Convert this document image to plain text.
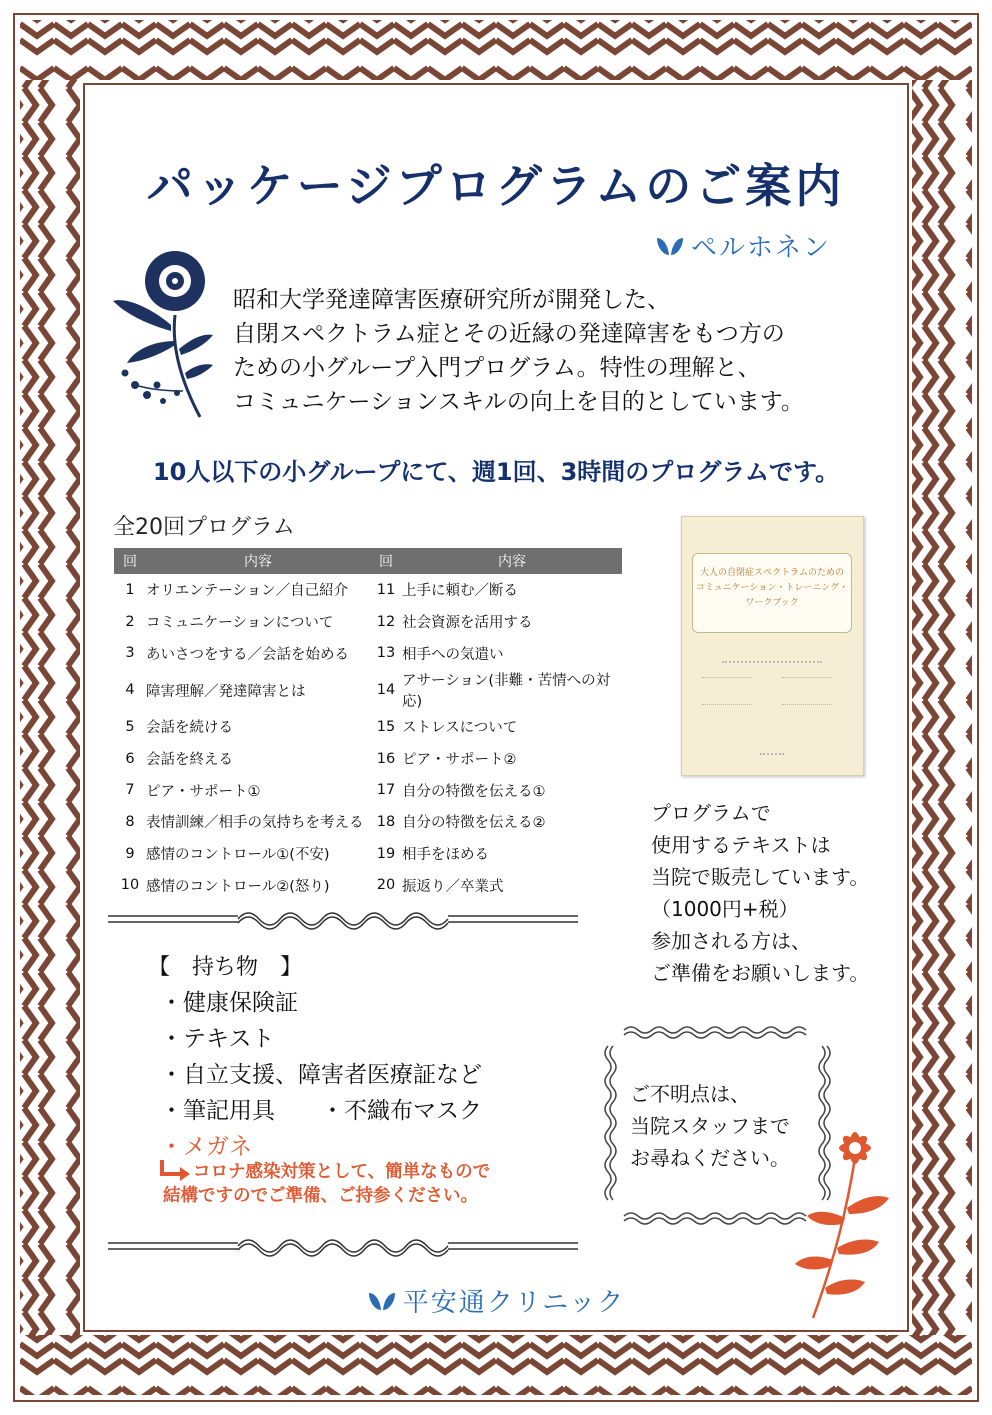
パッケージプログラムのご案内
ペルホネン
昭和大学発達障害医療研究所が開発した、
自閉スペクトラム症とその近縁の発達障害をもつ方の
ための小グループ入門プログラム。特性の理解と、
コミュニケーションスキルの向上を目的としています。
10人以下の小グループにて、週1回、3時間のプログラムです。
全20回プログラム
回	内容	回	内容
1	オリエンテーション／自己紹介	11	上手に頼む／断る
2	コミュニケーションについて	12	社会資源を活用する
3	あいさつをする／会話を始める	13	相手への気遣い
4	障害理解／発達障害とは	14	アサーション(非難・苦情への対応)
5	会話を続ける	15	ストレスについて
6	会話を終える	16	ピア・サポート②
7	ピア・サポート①	17	自分の特徴を伝える①
8	表情訓練／相手の気持ちを考える	18	自分の特徴を伝える②
9	感情のコントロール①(不安)	19	相手をほめる
10	感情のコントロール②(怒り)	20	振返り／卒業式
大人の自閉症スペクトラムのための
コミュニケーション・トレーニング・
ワークブック
プログラムで
使用するテキストは
当院で販売しています。
（1000円+税）
参加される方は、
ご準備をお願いします。
【　持ち物　】
・健康保険証
・テキスト
・自立支援、障害者医療証など
・筆記用具　　・不織布マスク
・メガネ
コロナ感染対策として、簡単なもので
結構ですのでご準備、ご持参ください。
ご不明点は、
当院スタッフまで
お尋ねください。
平安通クリニック
